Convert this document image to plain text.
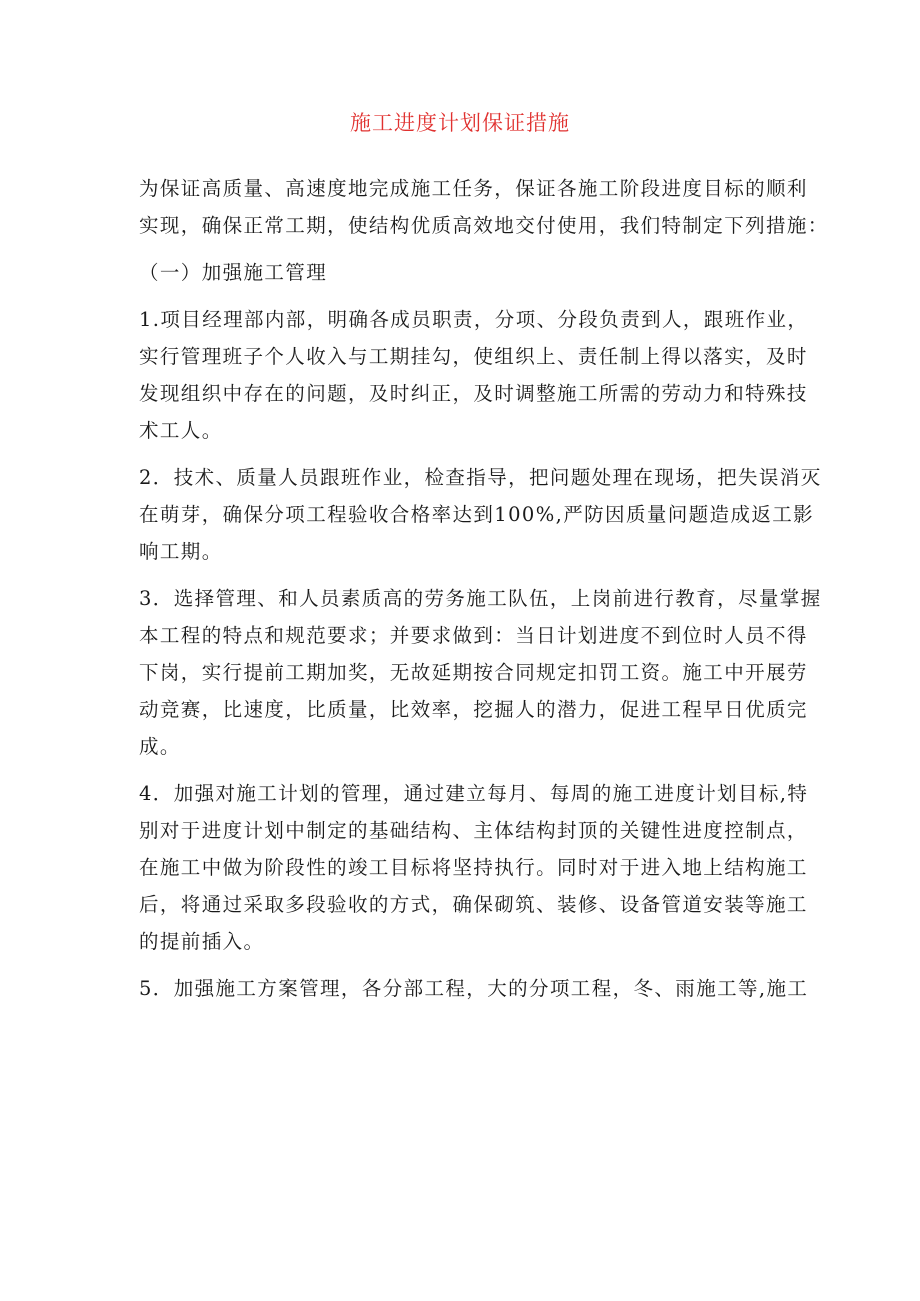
施工进度计划保证措施
为保证高质量、高速度地完成施工任务，保证各施工阶段进度目标的顺利
实现，确保正常工期，使结构优质高效地交付使用，我们特制定下列措施：
（一）加强施工管理
1.项目经理部内部，明确各成员职责，分项、分段负责到人，跟班作业，
实行管理班子个人收入与工期挂勾，使组织上、责任制上得以落实，及时
发现组织中存在的问题，及时纠正，及时调整施工所需的劳动力和特殊技
术工人。
2．技术、质量人员跟班作业，检查指导，把问题处理在现场，把失误消灭
在萌芽，确保分项工程验收合格率达到100%,严防因质量问题造成返工影
响工期。
3．选择管理、和人员素质高的劳务施工队伍，上岗前进行教育，尽量掌握
本工程的特点和规范要求；并要求做到：当日计划进度不到位时人员不得
下岗，实行提前工期加奖，无故延期按合同规定扣罚工资。施工中开展劳
动竞赛，比速度，比质量，比效率，挖掘人的潜力，促进工程早日优质完
成。
4．加强对施工计划的管理，通过建立每月、每周的施工进度计划目标,特
别对于进度计划中制定的基础结构、主体结构封顶的关键性进度控制点，
在施工中做为阶段性的竣工目标将坚持执行。同时对于进入地上结构施工
后，将通过采取多段验收的方式，确保砌筑、装修、设备管道安装等施工
的提前插入。
5．加强施工方案管理，各分部工程，大的分项工程，冬、雨施工等,施工
